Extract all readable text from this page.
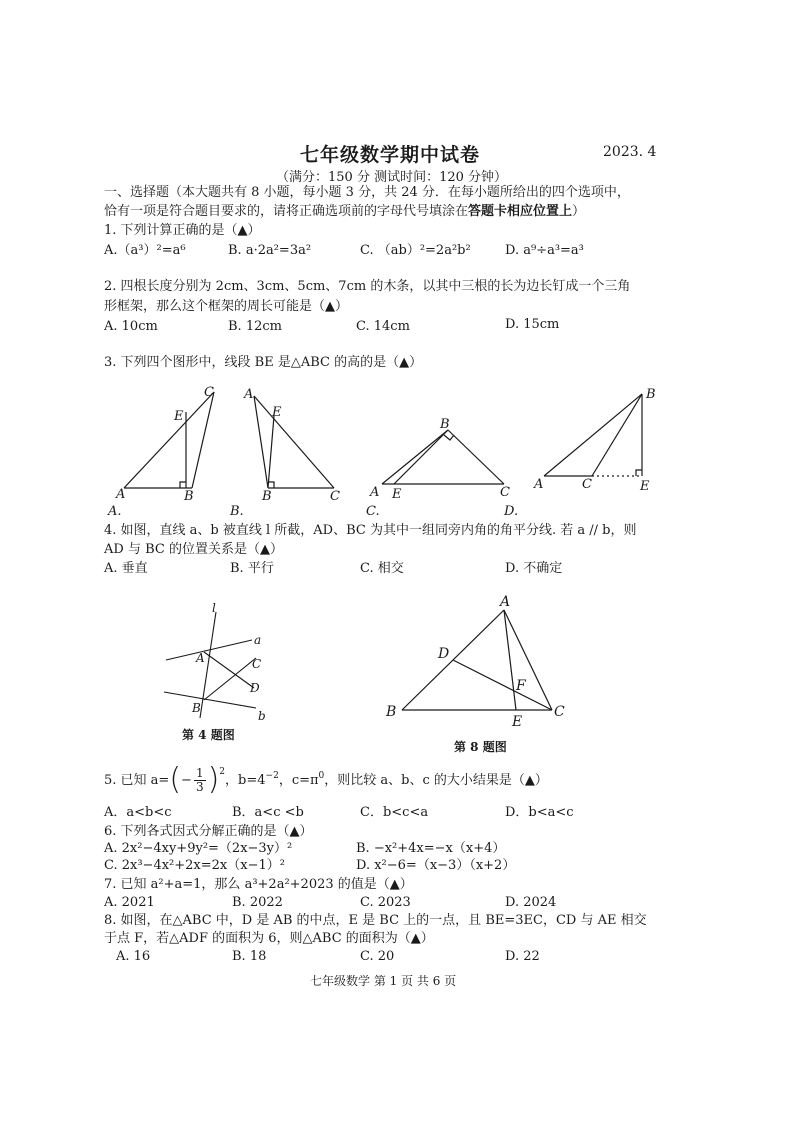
七年级数学期中试卷	2023. 4
（满分：150 分 测试时间：120 分钟）
一、选择题（本大题共有 8 小题，每小题 3 分，共 24 分．在每小题所给出的四个选项中，
恰有一项是符合题目要求的，请将正确选项前的字母代号填涂在答题卡相应位置上）
1. 下列计算正确的是（▲）
A.（a³）²=a⁶	B. a·2a²=3a²	C. （ab）²=2a²b²	D. a⁹÷a³=a³
2. 四根长度分别为 2cm、3cm、5cm、7cm 的木条，以其中三根的长为边长钉成一个三角
形框架，那么这个框架的周长可能是（▲）
A. 10cm	B. 12cm	C. 14cm	D. 15cm
3. 下列四个图形中，线段 BE 是△ABC 的高的是（▲）
C
E
A	B
A.
A
E
B	C
B.
B
A E	C
C.
B
A	C	E
D.
4. 如图，直线 a、b 被直线 l 所截，AD、BC 为其中一组同旁内角的角平分线. 若 a // b，则
AD 与 BC 的位置关系是（▲）
A. 垂直	B. 平行	C. 相交	D. 不确定
l
a
A	C
D
B
b
第 4 题图
A
D
F
B
E
C
第 8 题图
5. 已知 a= ( − $\frac{1}{3}$ ) 2
，b=4 −2 ，c=π 0 ，则比较 a、b、c 的大小结果是（▲）
A．a<b<c	B．a<c <b	C．b<c<a	D．b<a<c
6. 下列各式因式分解正确的是（▲）
A. 2x²−4xy+9y²=（2x−3y）²	B. −x²+4x=−x（x+4）
C. 2x³−4x²+2x=2x（x−1）²	D. x²−6=（x−3）（x+2）
7. 已知 a²+a=1，那么 a³+2a²+2023 的值是（▲）
A. 2021	B. 2022	C. 2023	D. 2024
8. 如图，在△ABC 中，D 是 AB 的中点，E 是 BC 上的一点，且 BE=3EC，CD 与 AE 相交
于点 F，若△ADF 的面积为 6，则△ABC 的面积为（▲）
A. 16	B. 18	C. 20	D. 22
七年级数学 第 1 页 共 6 页
